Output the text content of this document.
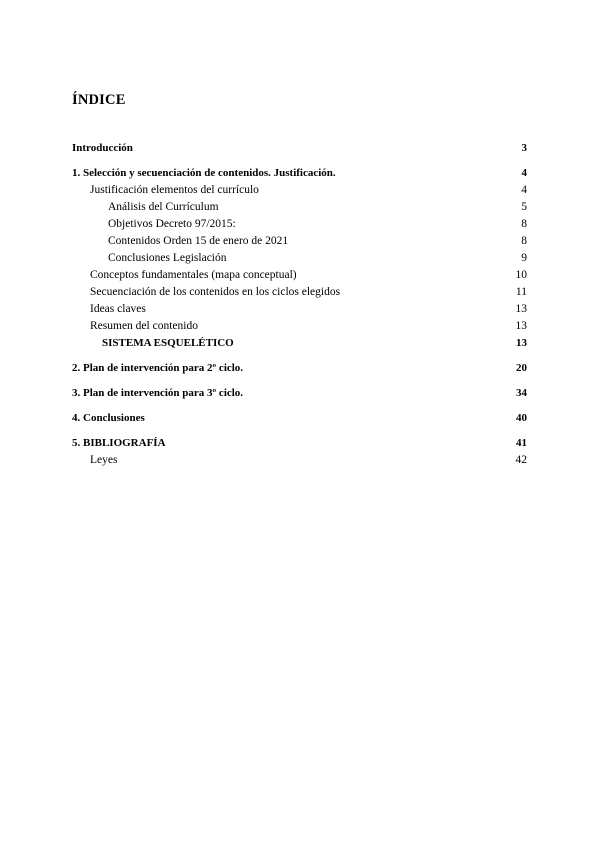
ÍNDICE
Introducción	3
1. Selección y secuenciación de contenidos. Justificación.	4
Justificación elementos del currículo	4
Análisis del Currículum	5
Objetivos Decreto 97/2015:	8
Contenidos Orden 15 de enero de 2021	8
Conclusiones Legislación	9
Conceptos fundamentales (mapa conceptual)	10
Secuenciación de los contenidos en los ciclos elegidos	11
Ideas claves	13
Resumen del contenido	13
SISTEMA ESQUELÉTICO	13
2. Plan de intervención para 2º ciclo.	20
3. Plan de intervención para 3º ciclo.	34
4. Conclusiones	40
5. BIBLIOGRAFÍA	41
Leyes	42
